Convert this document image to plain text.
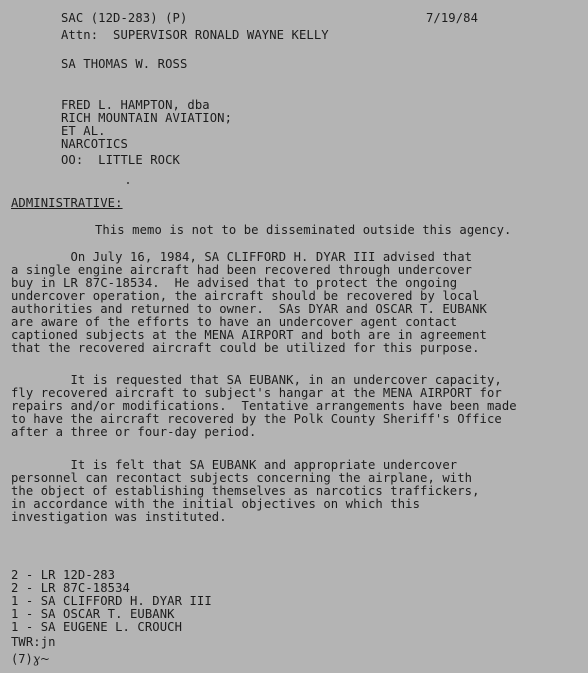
SAC (12D-283) (P)	7/19/84
Attn:  SUPERVISOR RONALD WAYNE KELLY
SA THOMAS W. ROSS
FRED L. HAMPTON, dba
RICH MOUNTAIN AVIATION;
ET AL.
NARCOTICS
OO:  LITTLE ROCK
ADMINISTRATIVE:
This memo is not to be disseminated outside this agency.
On July 16, 1984, SA CLIFFORD H. DYAR III advised that
a single engine aircraft had been recovered through undercover
buy in LR 87C-18534.  He advised that to protect the ongoing
undercover operation, the aircraft should be recovered by local
authorities and returned to owner.  SAs DYAR and OSCAR T. EUBANK
are aware of the efforts to have an undercover agent contact
captioned subjects at the MENA AIRPORT and both are in agreement
that the recovered aircraft could be utilized for this purpose.
It is requested that SA EUBANK, in an undercover capacity,
fly recovered aircraft to subject's hangar at the MENA AIRPORT for
repairs and/or modifications.  Tentative arrangements have been made
to have the aircraft recovered by the Polk County Sheriff's Office
after a three or four-day period.
It is felt that SA EUBANK and appropriate undercover
personnel can recontact subjects concerning the airplane, with
the object of establishing themselves as narcotics traffickers,
in accordance with the initial objectives on which this
investigation was instituted.
2 - LR 12D-283
2 - LR 87C-18534
1 - SA CLIFFORD H. DYAR III
1 - SA OSCAR T. EUBANK
1 - SA EUGENE L. CROUCH
TWR:jn
(7)ɣ~
